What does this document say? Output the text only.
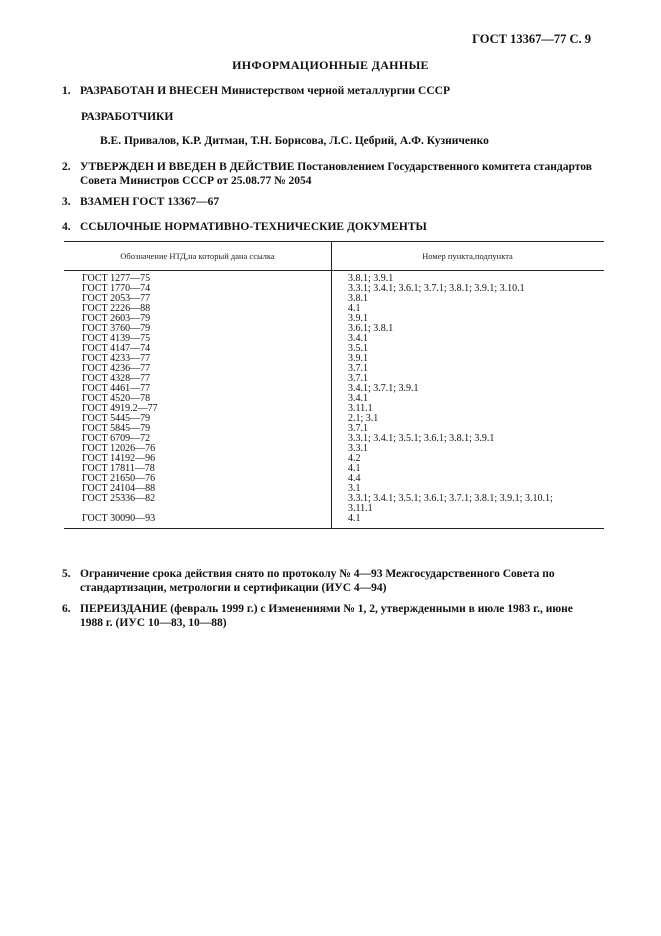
ГОСТ 13367—77 С. 9
ИНФОРМАЦИОННЫЕ ДАННЫЕ
1. РАЗРАБОТАН И ВНЕСЕН Министерством черной металлургии СССР
РАЗРАБОТЧИКИ
В.Е. Привалов, К.Р. Дитман, Т.Н. Борисова, Л.С. Цебрий, А.Ф. Кузниченко
2. УТВЕРЖДЕН И ВВЕДЕН В ДЕЙСТВИЕ Постановлением Государственного комитета стандартов
Совета Министров СССР от 25.08.77 № 2054
3. ВЗАМЕН ГОСТ 13367—67
4. ССЫЛОЧНЫЕ НОРМАТИВНО-ТЕХНИЧЕСКИЕ ДОКУМЕНТЫ
Обозначение НТД,на который дана ссылка	Номер пункта,подпункта
ГОСТ 1277—75	3.8.1; 3.9.1
ГОСТ 1770—74	3.3.1; 3.4.1; 3.6.1; 3.7.1; 3.8.1; 3.9.1; 3.10.1
ГОСТ 2053—77	3.8.1
ГОСТ 2226—88	4.1
ГОСТ 2603—79	3.9.1
ГОСТ 3760—79	3.6.1; 3.8.1
ГОСТ 4139—75	3.4.1
ГОСТ 4147—74	3.5.1
ГОСТ 4233—77	3.9.1
ГОСТ 4236—77	3.7.1
ГОСТ 4328—77	3.7.1
ГОСТ 4461—77	3.4.1; 3.7.1; 3.9.1
ГОСТ 4520—78	3.4.1
ГОСТ 4919.2—77	3.11.1
ГОСТ 5445—79	2.1; 3.1
ГОСТ 5845—79	3.7.1
ГОСТ 6709—72	3.3.1; 3.4.1; 3.5.1; 3.6.1; 3.8.1; 3.9.1
ГОСТ 12026—76	3.3.1
ГОСТ 14192—96	4.2
ГОСТ 17811—78	4.1
ГОСТ 21650—76	4.4
ГОСТ 24104—88	3.1
ГОСТ 25336—82	3.3.1; 3.4.1; 3.5.1; 3.6.1; 3.7.1; 3.8.1; 3.9.1; 3.10.1;
3.11.1
ГОСТ 30090—93	4.1
5. Ограничение срока действия снято по протоколу № 4—93 Межгосударственного Совета по
стандартизации, метрологии и сертификации (ИУС 4—94)
6. ПЕРЕИЗДАНИЕ (февраль 1999 г.) с Изменениями № 1, 2, утвержденными в июле 1983 г., июне
1988 г. (ИУС 10—83, 10—88)
